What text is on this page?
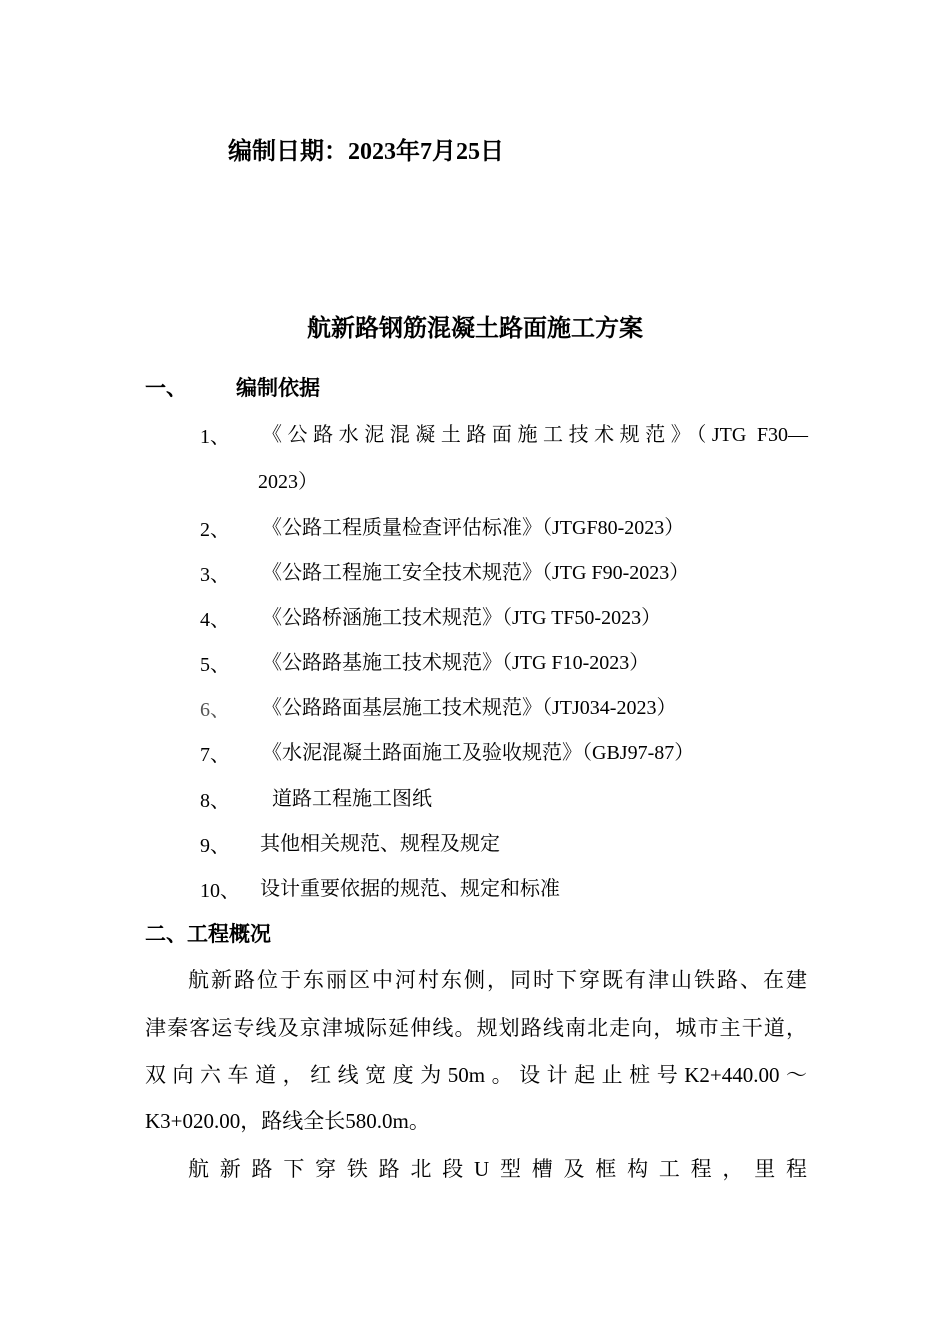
编制日期：2023年7月25日
航新路钢筋混凝土路面施工方案
一、 编制依据
1、 《公路水泥混凝土路面施工技术规范》（JTG F30—
2023）
2、 《公路工程质量检查评估标准》（JTGF80-2023）
3、 《公路工程施工安全技术规范》（JTG F90-2023）
4、 《公路桥涵施工技术规范》（JTG TF50-2023）
5、 《公路路基施工技术规范》（JTG F10-2023）
6、 《公路路面基层施工技术规范》（JTJ034-2023）
7、 《水泥混凝土路面施工及验收规范》（GBJ97-87）
8、 道路工程施工图纸
9、 其他相关规范、规程及规定
10、 设计重要依据的规范、规定和标准
二、工程概况
航新路位于东丽区中河村东侧，同时下穿既有津山铁路、在建
津秦客运专线及京津城际延伸线。规划路线南北走向，城市主干道，
双向六车道，红线宽度为50m。设计起止桩号K2+440.00～
K3+020.00，路线全长580.0m。
航新路下穿铁路北段U型槽及框构工程，里程
